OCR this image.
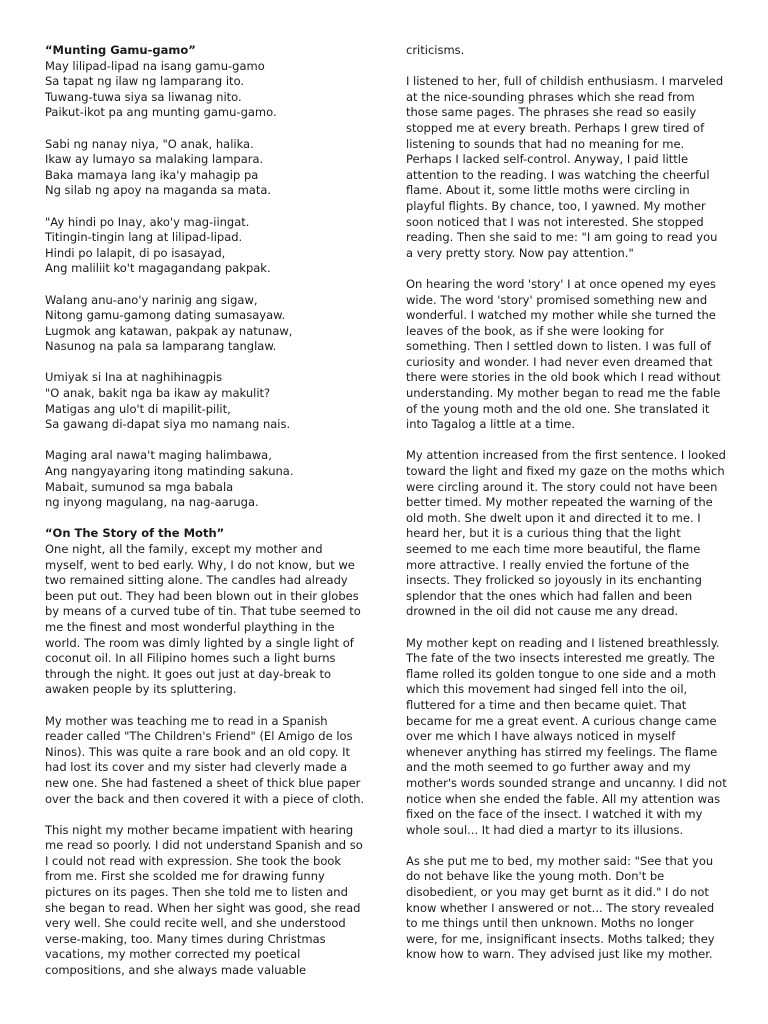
“Munting Gamu-gamo”

May lilipad-lipad na isang gamu-gamo
Sa tapat ng ilaw ng lamparang ito.
Tuwang-tuwa siya sa liwanag nito.
Paikut-ikot pa ang munting gamu-gamo.
Sabi ng nanay niya, "O anak, halika.
Ikaw ay lumayo sa malaking lampara.
Baka mamaya lang ika'y mahagip pa
Ng silab ng apoy na maganda sa mata.
"Ay hindi po Inay, ako'y mag-iingat.
Titingin-tingin lang at lilipad-lipad.
Hindi po lalapit, di po isasayad,
Ang maliliit ko't magagandang pakpak.
Walang anu-ano'y narinig ang sigaw,
Nitong gamu-gamong dating sumasayaw.
Lugmok ang katawan, pakpak ay natunaw,
Nasunog na pala sa lamparang tanglaw.
Umiyak si Ina at naghihinagpis
"O anak, bakit nga ba ikaw ay makulit?
Matigas ang ulo't di mapilit-pilit,
Sa gawang di-dapat siya mo namang nais.
Maging aral nawa't maging halimbawa,
Ang nangyayaring itong matinding sakuna.
Mabait, sumunod sa mga babala
ng inyong magulang, na nag-aaruga.

“On The Story of the Moth”

One night, all the family, except my mother and
myself, went to bed early. Why, I do not know, but we
two remained sitting alone. The candles had already
been put out. They had been blown out in their globes
by means of a curved tube of tin. That tube seemed to
me the finest and most wonderful plaything in the
world. The room was dimly lighted by a single light of
coconut oil. In all Filipino homes such a light burns
through the night. It goes out just at day-break to
awaken people by its spluttering.
My mother was teaching me to read in a Spanish
reader called "The Children's Friend" (El Amigo de los
Ninos). This was quite a rare book and an old copy. It
had lost its cover and my sister had cleverly made a
new one. She had fastened a sheet of thick blue paper
over the back and then covered it with a piece of cloth.
This night my mother became impatient with hearing
me read so poorly. I did not understand Spanish and so
I could not read with expression. She took the book
from me. First she scolded me for drawing funny
pictures on its pages. Then she told me to listen and
she began to read. When her sight was good, she read
very well. She could recite well, and she understood
verse-making, too. Many times during Christmas
vacations, my mother corrected my poetical
compositions, and she always made valuable
criticisms.
I listened to her, full of childish enthusiasm. I marveled
at the nice-sounding phrases which she read from
those same pages. The phrases she read so easily
stopped me at every breath. Perhaps I grew tired of
listening to sounds that had no meaning for me.
Perhaps I lacked self-control. Anyway, I paid little
attention to the reading. I was watching the cheerful
flame. About it, some little moths were circling in
playful flights. By chance, too, I yawned. My mother
soon noticed that I was not interested. She stopped
reading. Then she said to me: "I am going to read you
a very pretty story. Now pay attention."
On hearing the word 'story' I at once opened my eyes
wide. The word 'story' promised something new and
wonderful. I watched my mother while she turned the
leaves of the book, as if she were looking for
something. Then I settled down to listen. I was full of
curiosity and wonder. I had never even dreamed that
there were stories in the old book which I read without
understanding. My mother began to read me the fable
of the young moth and the old one. She translated it
into Tagalog a little at a time.
My attention increased from the first sentence. I looked
toward the light and fixed my gaze on the moths which
were circling around it. The story could not have been
better timed. My mother repeated the warning of the
old moth. She dwelt upon it and directed it to me. I
heard her, but it is a curious thing that the light
seemed to me each time more beautiful, the flame
more attractive. I really envied the fortune of the
insects. They frolicked so joyously in its enchanting
splendor that the ones which had fallen and been
drowned in the oil did not cause me any dread.
My mother kept on reading and I listened breathlessly.
The fate of the two insects interested me greatly. The
flame rolled its golden tongue to one side and a moth
which this movement had singed fell into the oil,
fluttered for a time and then became quiet. That
became for me a great event. A curious change came
over me which I have always noticed in myself
whenever anything has stirred my feelings. The flame
and the moth seemed to go further away and my
mother's words sounded strange and uncanny. I did not
notice when she ended the fable. All my attention was
fixed on the face of the insect. I watched it with my
whole soul... It had died a martyr to its illusions.
As she put me to bed, my mother said: "See that you
do not behave like the young moth. Don't be
disobedient, or you may get burnt as it did." I do not
know whether I answered or not... The story revealed
to me things until then unknown. Moths no longer
were, for me, insignificant insects. Moths talked; they
know how to warn. They advised just like my mother.
